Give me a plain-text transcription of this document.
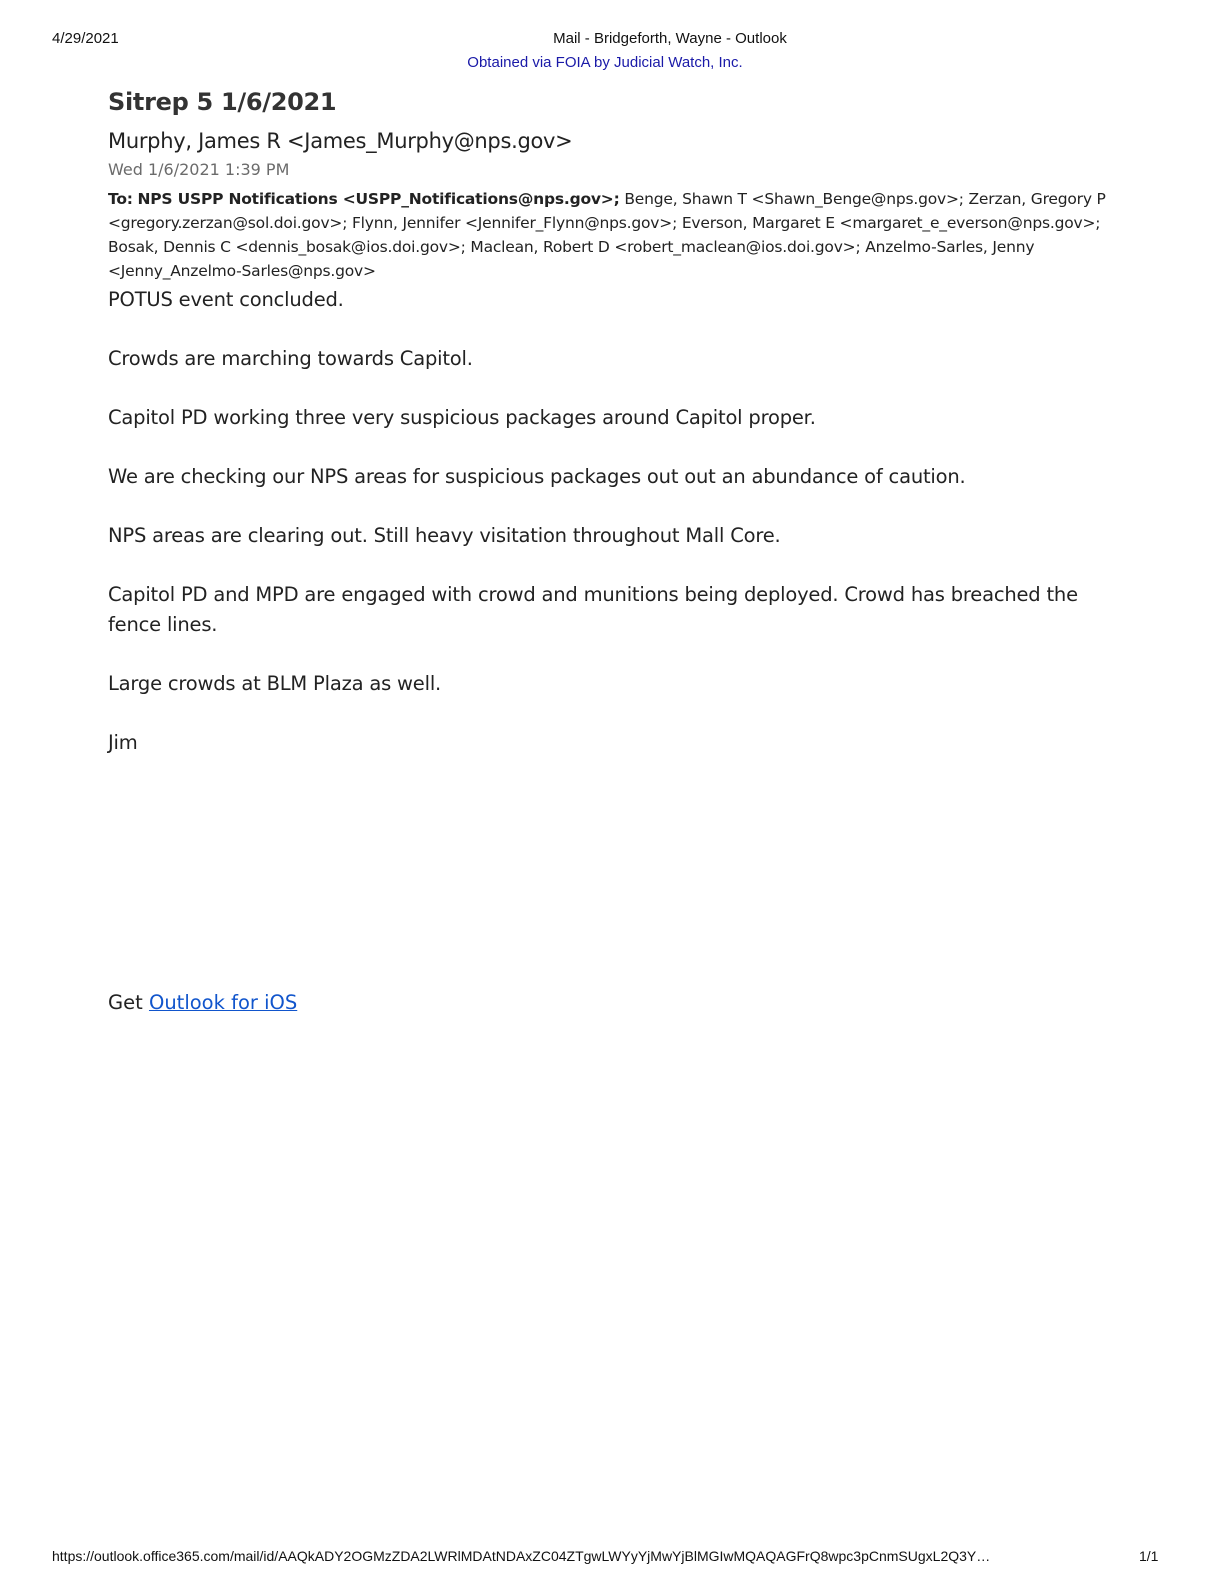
4/29/2021	Mail - Bridgeforth, Wayne - Outlook
Obtained via FOIA by Judicial Watch, Inc.
Sitrep 5 1/6/2021
Murphy, James R <James_Murphy@nps.gov>
Wed 1/6/2021 1:39 PM
To: NPS USPP Notifications <USPP_Notifications@nps.gov>; Benge, Shawn T <Shawn_Benge@nps.gov>; Zerzan, Gregory P <gregory.zerzan@sol.doi.gov>; Flynn, Jennifer <Jennifer_Flynn@nps.gov>; Everson, Margaret E <margaret_e_everson@nps.gov>; Bosak, Dennis C <dennis_bosak@ios.doi.gov>; Maclean, Robert D <robert_maclean@ios.doi.gov>; Anzelmo-Sarles, Jenny <Jenny_Anzelmo-Sarles@nps.gov>

POTUS event concluded.

Crowds are marching towards Capitol.

Capitol PD working three very suspicious packages around Capitol proper.

We are checking our NPS areas for suspicious packages out out an abundance of caution.

NPS areas are clearing out. Still heavy visitation throughout Mall Core.

Capitol PD and MPD are engaged with crowd and munitions being deployed. Crowd has breached the fence lines.

Large crowds at BLM Plaza as well.

Jim

Get Outlook for iOS
https://outlook.office365.com/mail/id/AAQkADY2OGMzZDA2LWRlMDAtNDAxZC04ZTgwLWYyYjMwYjBlMGIwMQAQAGFrQ8wpc3pCnmSUgxL2Q3Y…	1/1
